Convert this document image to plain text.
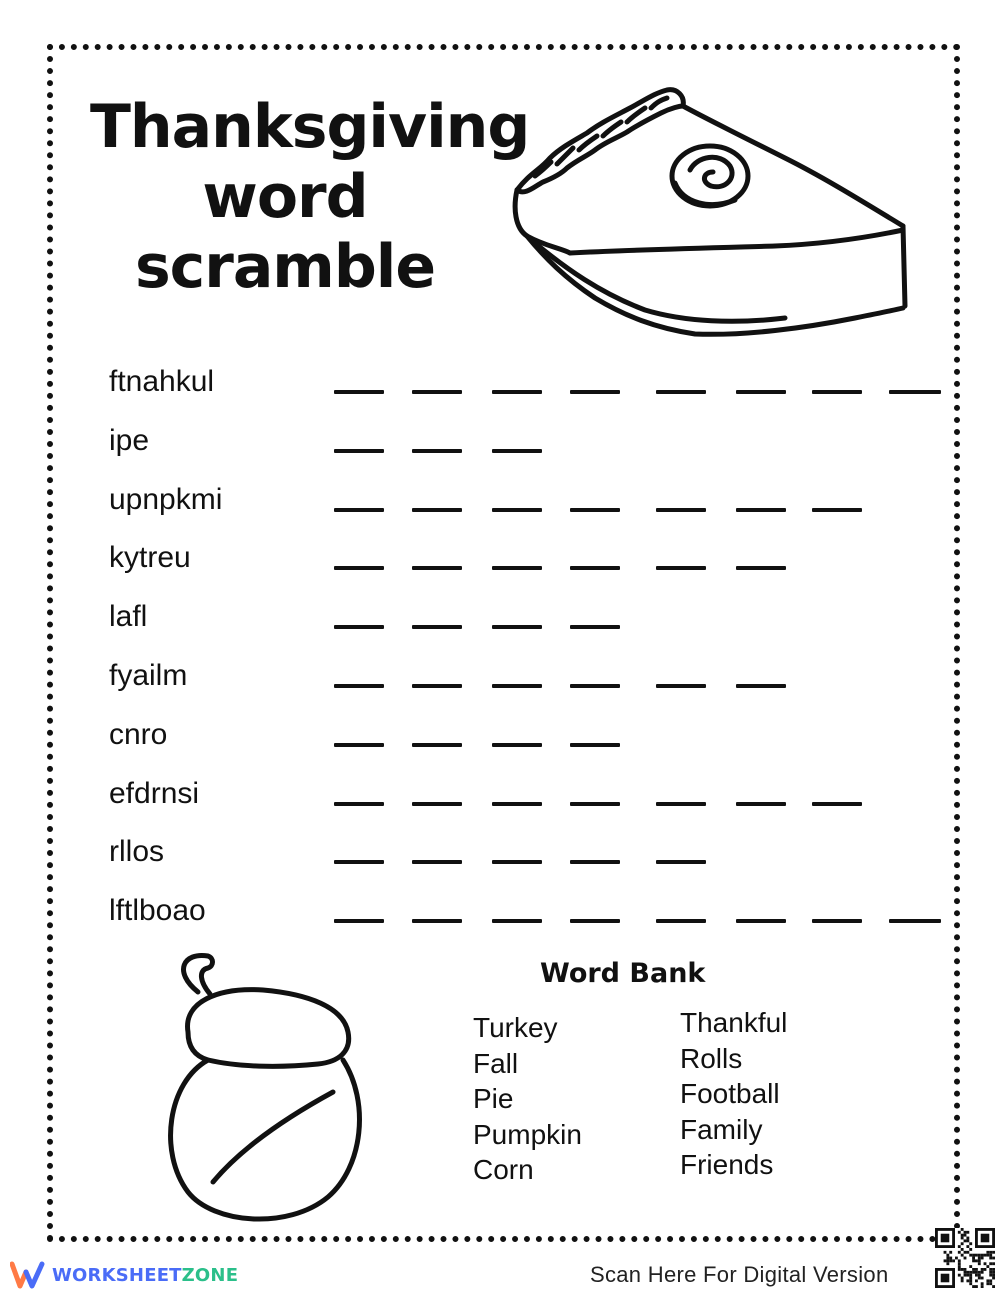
Thanksgiving
word
scramble
ftnahkul
ipe
upnpkmi
kytreu
lafl
fyailm
cnro
efdrnsi
rllos
lftlboao
Word Bank
Turkey
Fall
Pie
Pumpkin
Corn
Thankful
Rolls
Football
Family
Friends
WORKSHEETZONE	Scan Here For Digital Version
